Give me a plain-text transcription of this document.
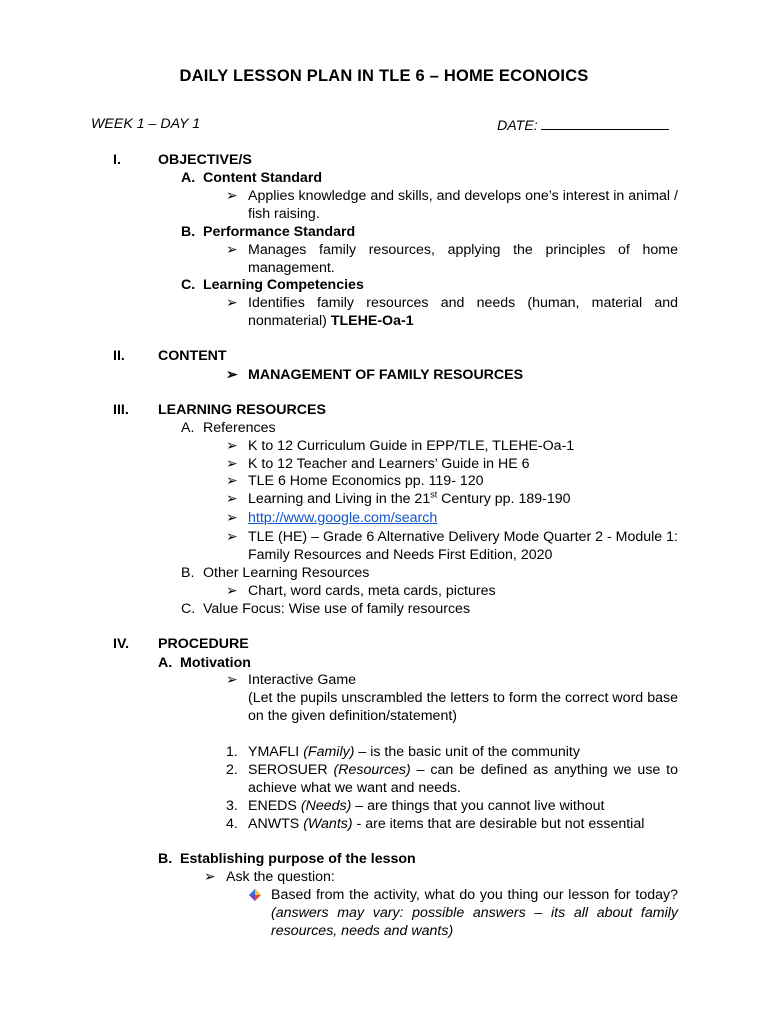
DAILY LESSON PLAN IN TLE 6 – HOME ECONOICS
WEEK 1 – DAY 1	DATE:
I.	OBJECTIVE/S
A. Content Standard
➢ Applies knowledge and skills, and develops one’s interest in animal / fish raising.
B. Performance Standard
➢ Manages family resources, applying the principles of home management.
C. Learning Competencies
➢ Identifies family resources and needs (human, material and nonmaterial) TLEHE-Oa-1
II. CONTENT
➢ MANAGEMENT OF FAMILY RESOURCES
III. LEARNING RESOURCES
A. References
➢ K to 12 Curriculum Guide in EPP/TLE, TLEHE-Oa-1
➢ K to 12 Teacher and Learners’ Guide in HE 6
➢ TLE 6 Home Economics pp. 119- 120
➢ Learning and Living in the 21st Century pp. 189-190
➢ http://www.google.com/search
➢ TLE (HE) – Grade 6 Alternative Delivery Mode Quarter 2 - Module 1: Family Resources and Needs First Edition, 2020
B. Other Learning Resources
➢ Chart, word cards, meta cards, pictures
C. Value Focus: Wise use of family resources
IV. PROCEDURE
A. Motivation
➢ Interactive Game
(Let the pupils unscrambled the letters to form the correct word base on the given definition/statement)
1. YMAFLI (Family) – is the basic unit of the community
2. SEROSUER (Resources) – can be defined as anything we use to achieve what we want and needs.
3. ENEDS (Needs) – are things that you cannot live without
4. ANWTS (Wants) - are items that are desirable but not essential
B. Establishing purpose of the lesson
➢ Ask the question:
Based from the activity, what do you thing our lesson for today? (answers may vary: possible answers – its all about family resources, needs and wants)
